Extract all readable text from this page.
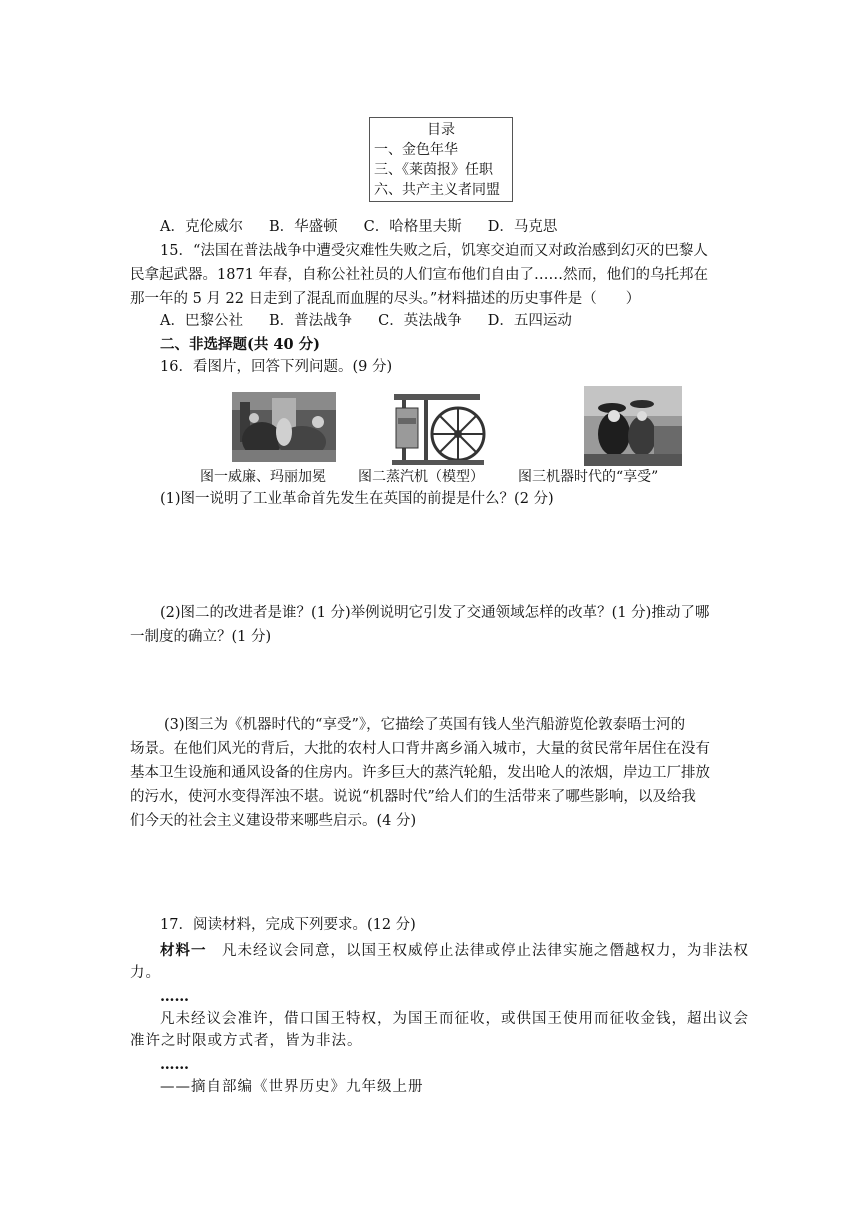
目录
一、金色年华
三、《莱茵报》任职
六、共产主义者同盟
A．克伦威尔 B．华盛顿 C．哈格里夫斯 D．马克思
15．“法国在普法战争中遭受灾难性失败之后，饥寒交迫而又对政治感到幻灭的巴黎人
民拿起武器。1871 年春，自称公社社员的人们宣布他们自由了……然而，他们的乌托邦在
那一年的 5 月 22 日走到了混乱而血腥的尽头。”材料描述的历史事件是（　　）
A．巴黎公社 B．普法战争 C．英法战争 D．五四运动
二、非选择题(共 40 分)
16．看图片，回答下列问题。(9 分)
图一威廉、玛丽加冕 图二蒸汽机（模型） 图三机器时代的“享受”
(1)图一说明了工业革命首先发生在英国的前提是什么？(2 分)
(2)图二的改进者是谁？(1 分)举例说明它引发了交通领域怎样的改革？(1 分)推动了哪
一制度的确立？(1 分)
(3)图三为《机器时代的“享受”》，它描绘了英国有钱人坐汽船游览伦敦泰晤士河的
场景。在他们风光的背后，大批的农村人口背井离乡涌入城市，大量的贫民常年居住在没有
基本卫生设施和通风设备的住房内。许多巨大的蒸汽轮船，发出呛人的浓烟，岸边工厂排放
的污水，使河水变得浑浊不堪。说说“机器时代”给人们的生活带来了哪些影响，以及给我
们今天的社会主义建设带来哪些启示。(4 分)
17．阅读材料，完成下列要求。(12 分)
材料一　 凡未经议会同意，以国王权威停止法律或停止法律实施之僭越权力，为非法权
力。
……
凡未经议会准许，借口国王特权，为国王而征收，或供国王使用而征收金钱，超出议会
准许之时限或方式者，皆为非法。
……
——摘自部编《世界历史》九年级上册
